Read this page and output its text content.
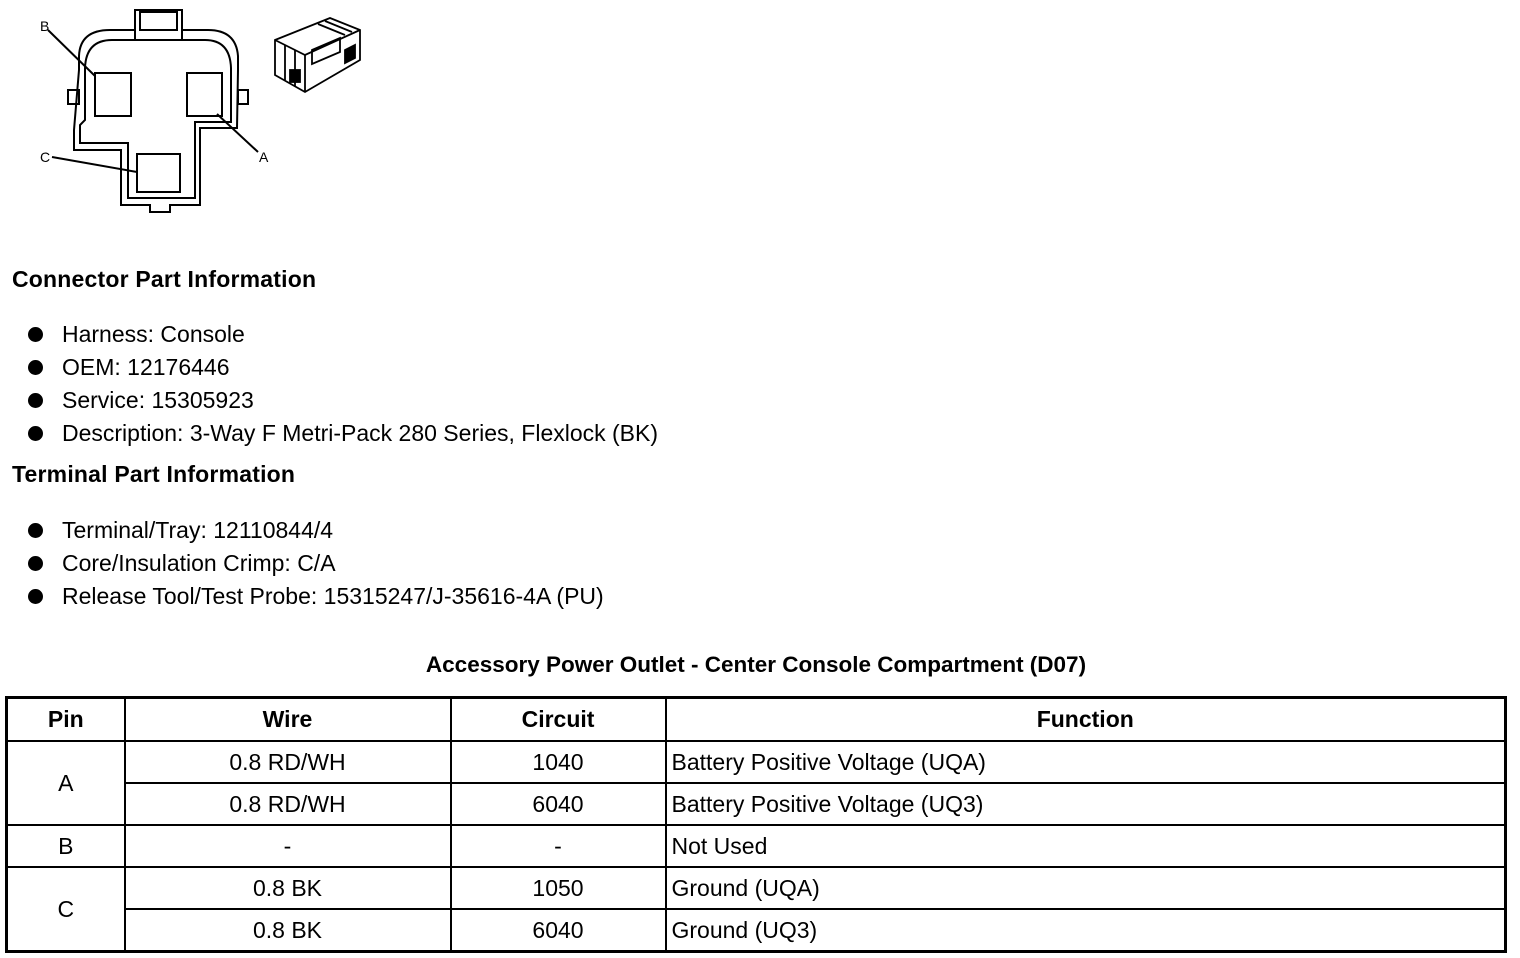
B
A
C
Connector Part Information
Harness: Console
OEM: 12176446
Service: 15305923
Description: 3-Way F Metri-Pack 280 Series, Flexlock (BK)
Terminal Part Information
Terminal/Tray: 12110844/4
Core/Insulation Crimp: C/A
Release Tool/Test Probe: 15315247/J-35616-4A (PU)
Accessory Power Outlet - Center Console Compartment (D07)
Pin	Wire	Circuit	Function
A	0.8 RD/WH	1040	Battery Positive Voltage (UQA)
	0.8 RD/WH	6040	Battery Positive Voltage (UQ3)
B	-	-	Not Used
C	0.8 BK	1050	Ground (UQA)
	0.8 BK	6040	Ground (UQ3)
